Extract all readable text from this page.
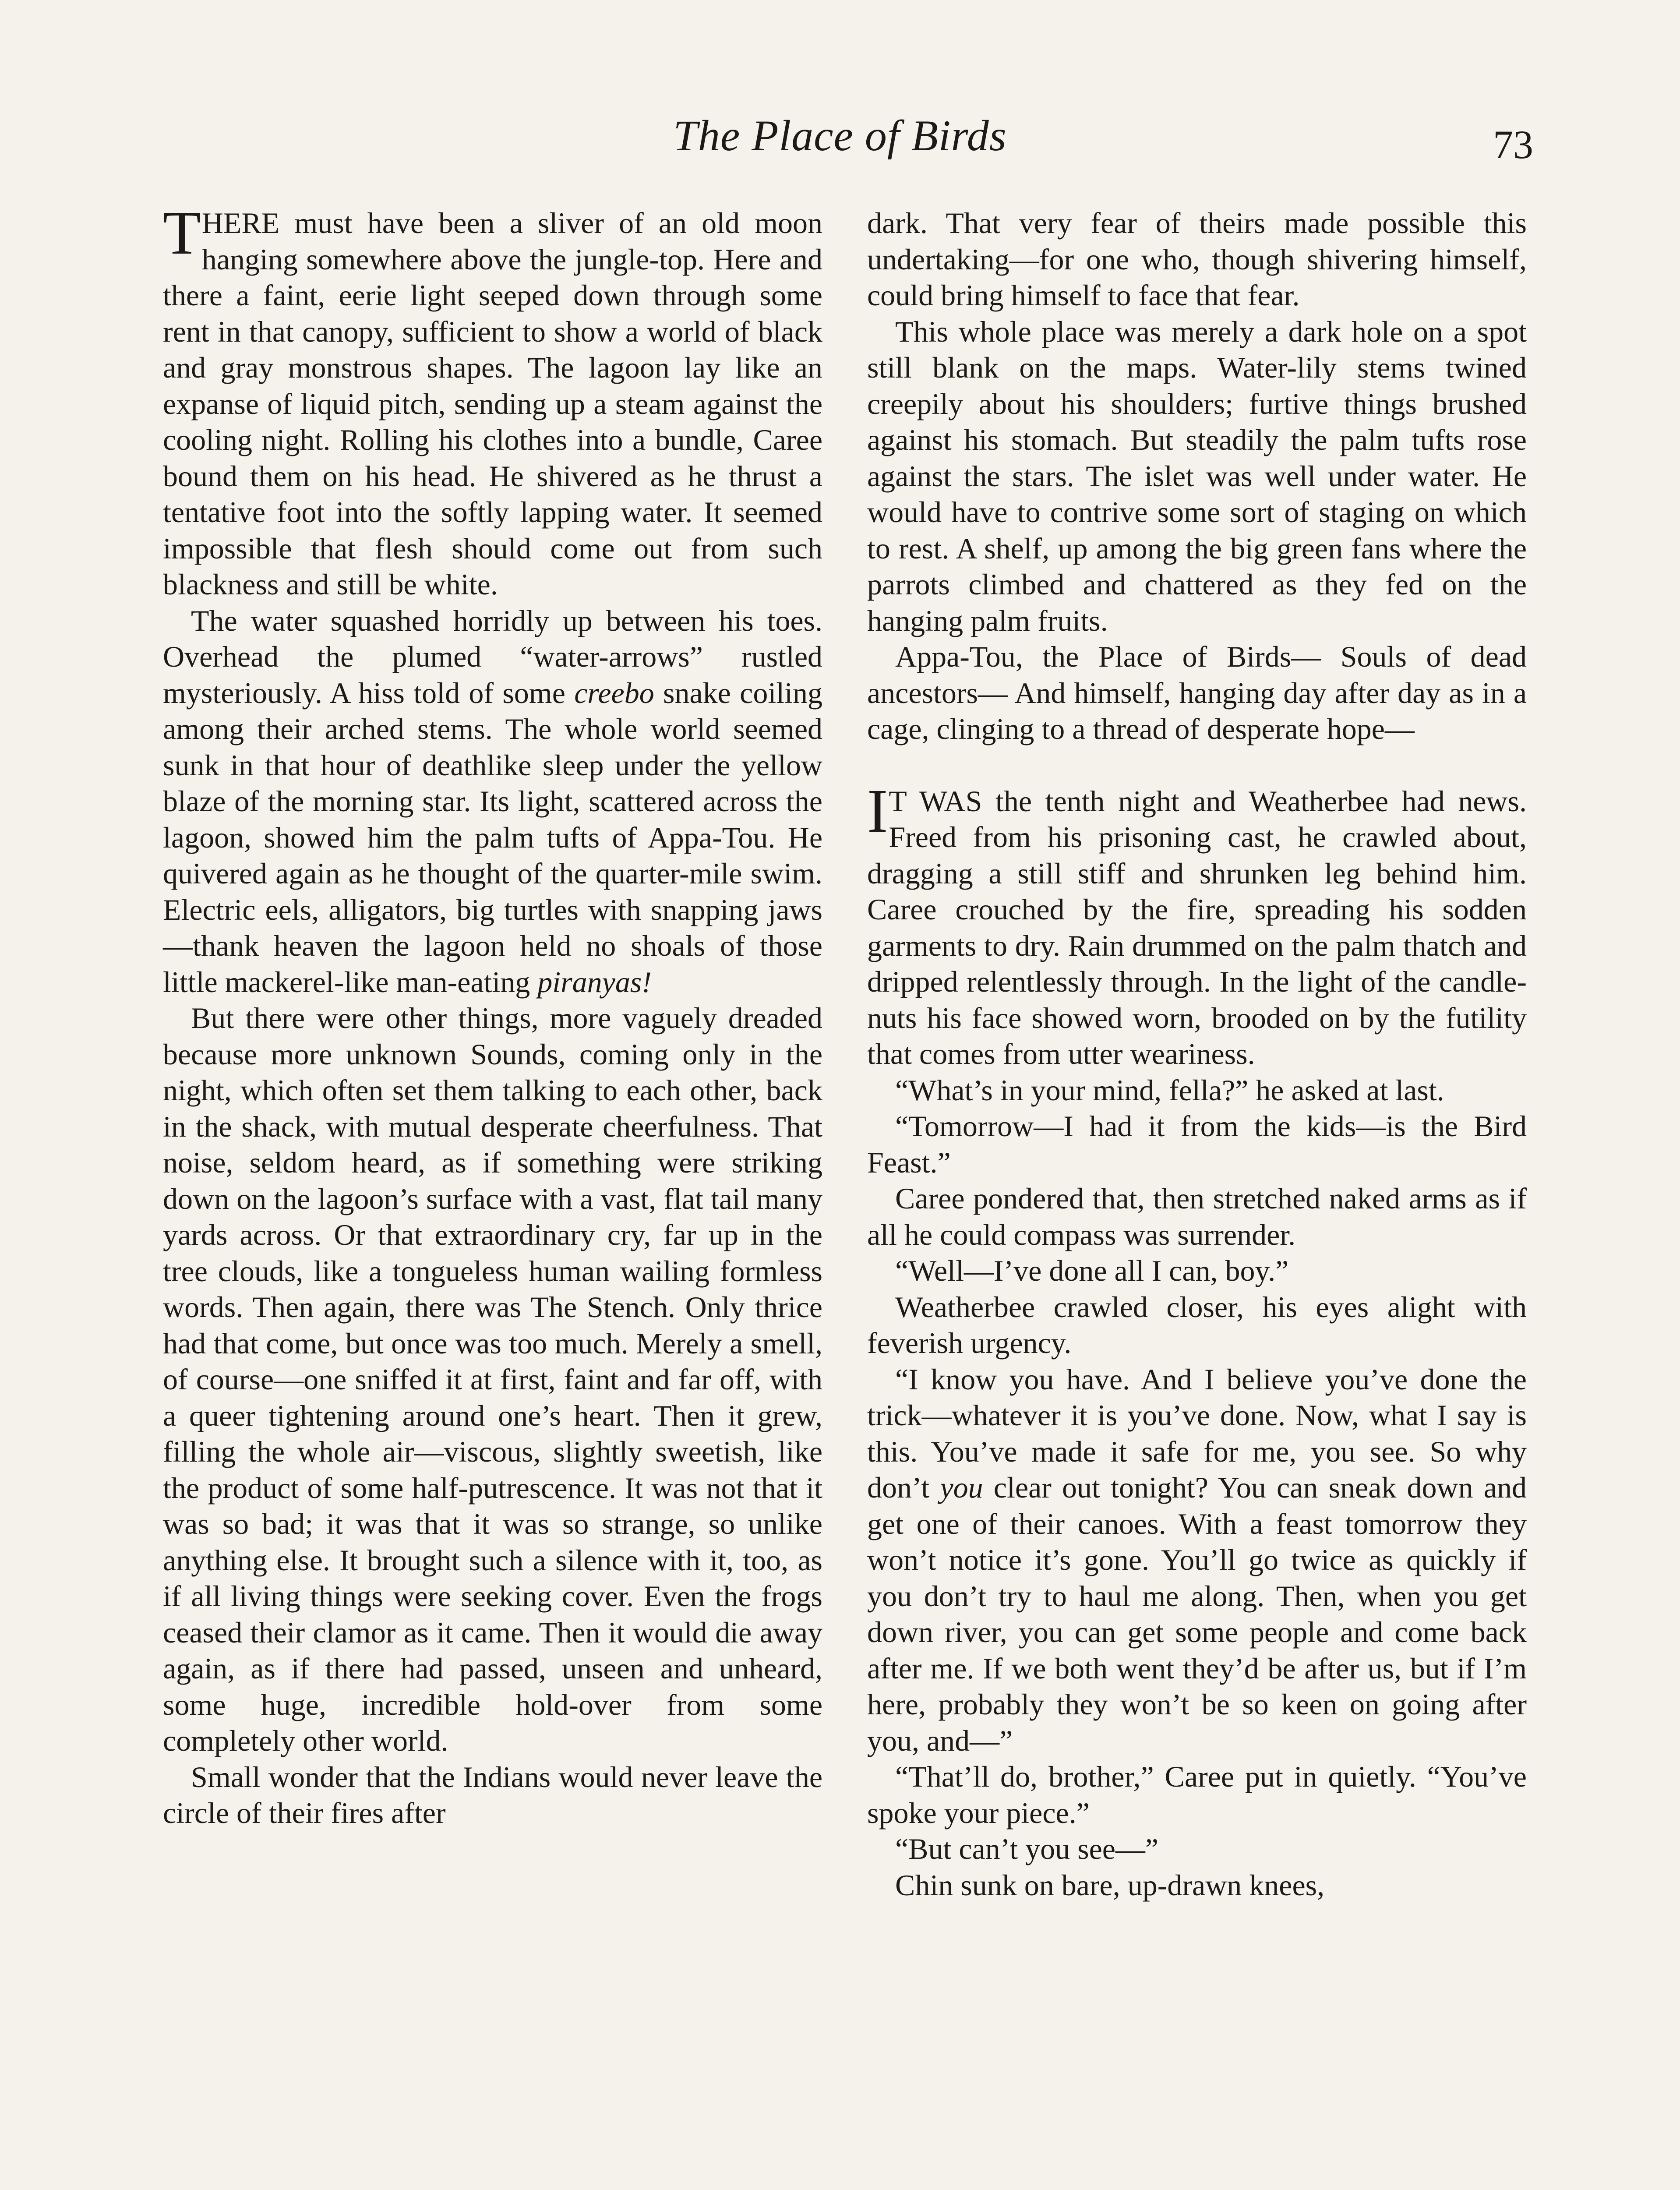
The Place of Birds	73

THERE must have been a sliver of an old moon hanging somewhere above the jungle-top. Here and there a faint, eerie light seeped down through some rent in that canopy, sufficient to show a world of black and gray monstrous shapes. The lagoon lay like an expanse of liquid pitch, sending up a steam against the cooling night. Rolling his clothes into a bundle, Caree bound them on his head. He shivered as he thrust a tentative foot into the softly lapping water. It seemed impossible that flesh should come out from such blackness and still be white.

The water squashed horridly up between his toes. Overhead the plumed “water-arrows” rustled mysteriously. A hiss told of some creebo snake coiling among their arched stems. The whole world seemed sunk in that hour of deathlike sleep under the yellow blaze of the morning star. Its light, scattered across the lagoon, showed him the palm tufts of Appa-Tou. He quivered again as he thought of the quarter-mile swim. Electric eels, alligators, big turtles with snapping jaws—thank heaven the lagoon held no shoals of those little mackerel-like man-eating piranyas!

But there were other things, more vaguely dreaded because more unknown Sounds, coming only in the night, which often set them talking to each other, back in the shack, with mutual desperate cheerfulness. That noise, seldom heard, as if something were striking down on the lagoon’s surface with a vast, flat tail many yards across. Or that extraordinary cry, far up in the tree clouds, like a tongueless human wailing formless words. Then again, there was The Stench. Only thrice had that come, but once was too much. Merely a smell, of course—one sniffed it at first, faint and far off, with a queer tightening around one’s heart. Then it grew, filling the whole air—viscous, slightly sweetish, like the product of some half-putrescence. It was not that it was so bad; it was that it was so strange, so unlike anything else. It brought such a silence with it, too, as if all living things were seeking cover. Even the frogs ceased their clamor as it came. Then it would die away again, as if there had passed, unseen and unheard, some huge, incredible hold-over from some completely other world.

Small wonder that the Indians would never leave the circle of their fires after

dark. That very fear of theirs made possible this undertaking—for one who, though shivering himself, could bring himself to face that fear.

This whole place was merely a dark hole on a spot still blank on the maps. Water-lily stems twined creepily about his shoulders; furtive things brushed against his stomach. But steadily the palm tufts rose against the stars. The islet was well under water. He would have to contrive some sort of staging on which to rest. A shelf, up among the big green fans where the parrots climbed and chattered as they fed on the hanging palm fruits.

Appa-Tou, the Place of Birds— Souls of dead ancestors— And himself, hanging day after day as in a cage, clinging to a thread of desperate hope—

I T WAS the tenth night and Weatherbee had news. Freed from his prisoning cast, he crawled about, dragging a still stiff and shrunken leg behind him. Caree crouched by the fire, spreading his sodden garments to dry. Rain drummed on the palm thatch and dripped relentlessly through. In the light of the candle-nuts his face showed worn, brooded on by the futility that comes from utter weariness.

“What’s in your mind, fella?” he asked at last.

“Tomorrow—I had it from the kids—is the Bird Feast.”

Caree pondered that, then stretched naked arms as if all he could compass was surrender.

“Well—I’ve done all I can, boy.”

Weatherbee crawled closer, his eyes alight with feverish urgency.

“I know you have. And I believe you’ve done the trick—whatever it is you’ve done. Now, what I say is this. You’ve made it safe for me, you see. So why don’t you clear out tonight? You can sneak down and get one of their canoes. With a feast tomorrow they won’t notice it’s gone. You’ll go twice as quickly if you don’t try to haul me along. Then, when you get down river, you can get some people and come back after me. If we both went they’d be after us, but if I’m here, probably they won’t be so keen on going after you, and—”

“That’ll do, brother,” Caree put in quietly. “You’ve spoke your piece.”

“But can’t you see—”

Chin sunk on bare, up-drawn knees,
